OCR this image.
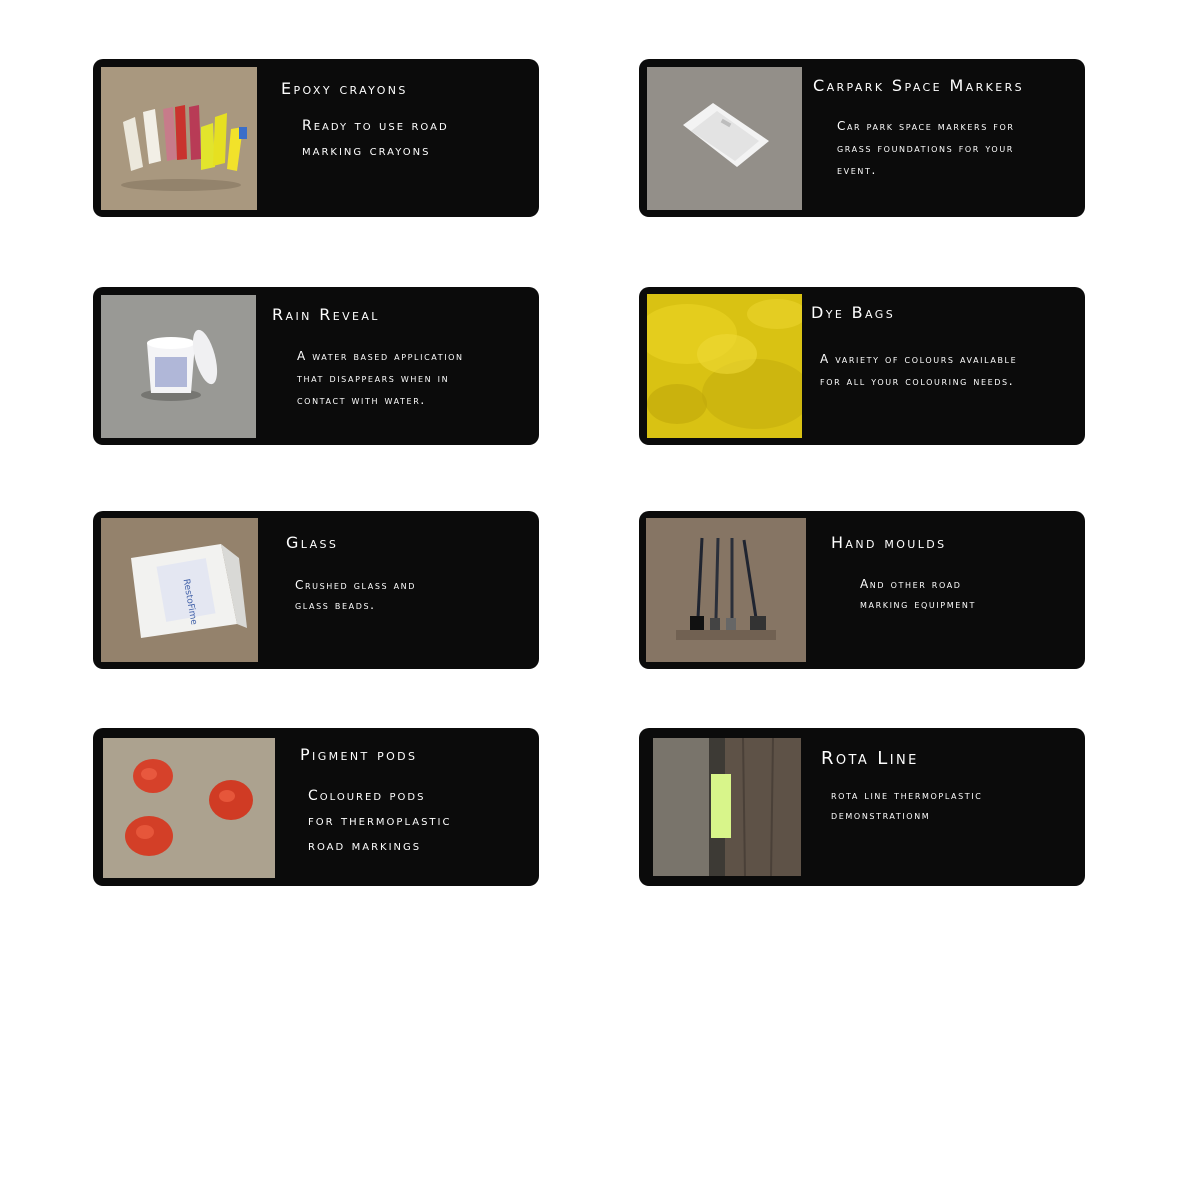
Epoxy crayons
Ready to use road
marking crayons
Carpark Space Markers
Car park space markers for
grass foundations for your
event.
Rain Reveal
A water based application
that disappears when in
contact with water.
Dye Bags
A variety of colours available
for all your colouring needs.
RestoFime
Glass
Crushed glass and
glass beads.
Hand moulds
And other road
marking equipment
Pigment pods
Coloured pods
for thermoplastic
road markings
Rota Line
rota line thermoplastic
demonstrationm
